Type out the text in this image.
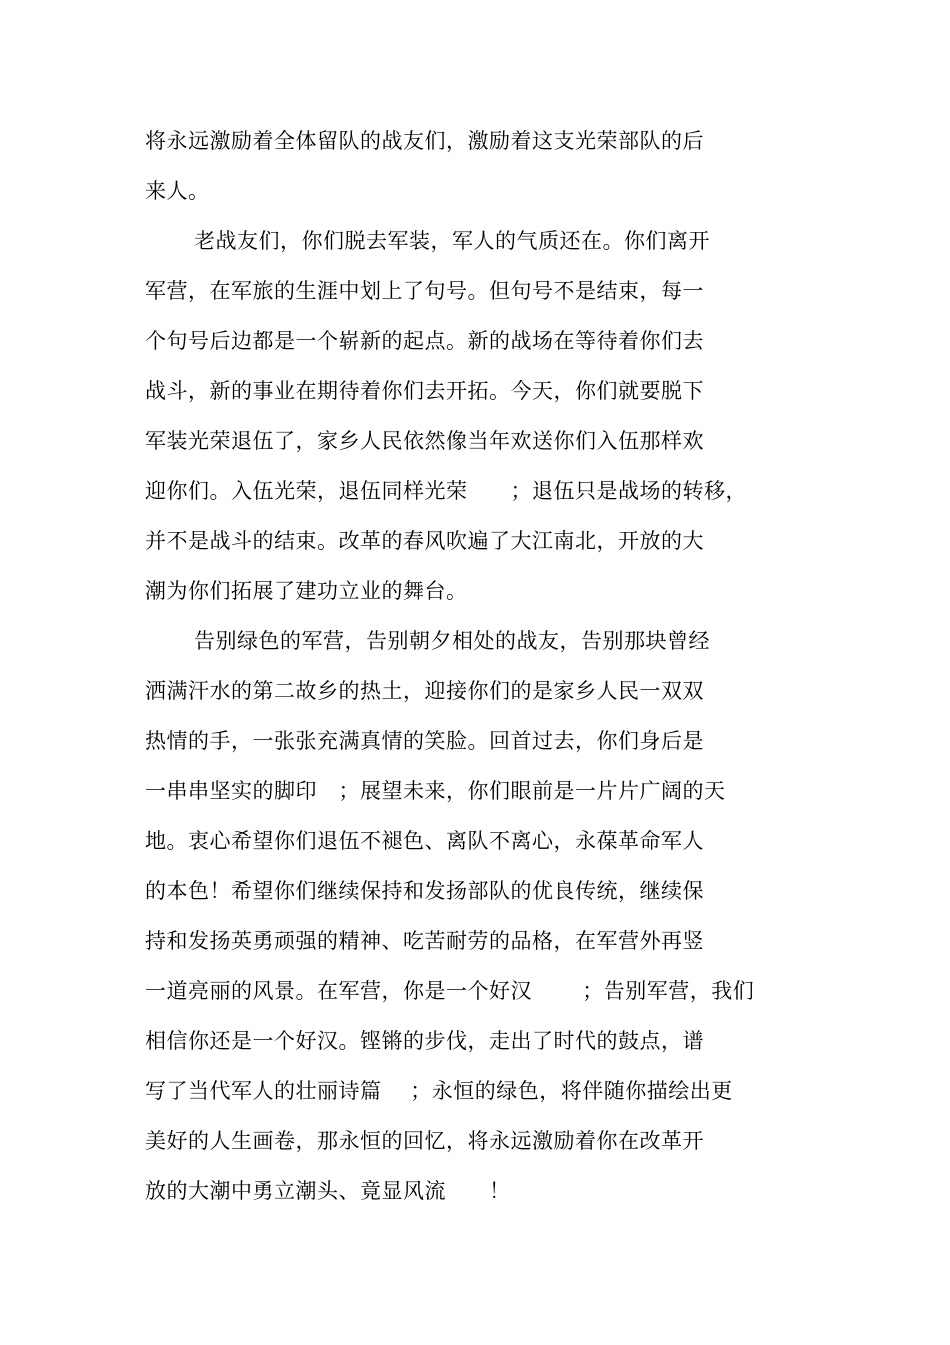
将永远激励着全体留队的战友们，激励着这支光荣部队的后
来人。
老战友们，你们脱去军装，军人的气质还在。你们离开
军营，在军旅的生涯中划上了句号。但句号不是结束，每一
个句号后边都是一个崭新的起点。新的战场在等待着你们去
战斗，新的事业在期待着你们去开拓。今天，你们就要脱下
军装光荣退伍了，家乡人民依然像当年欢送你们入伍那样欢
迎你们。入伍光荣，退伍同样光荣      ；退伍只是战场的转移，
并不是战斗的结束。改革的春风吹遍了大江南北，开放的大
潮为你们拓展了建功立业的舞台。
告别绿色的军营，告别朝夕相处的战友，告别那块曾经
洒满汗水的第二故乡的热土，迎接你们的是家乡人民一双双
热情的手，一张张充满真情的笑脸。回首过去，你们身后是
一串串坚实的脚印   ；展望未来，你们眼前是一片片广阔的天
地。衷心希望你们退伍不褪色、离队不离心，永葆革命军人
的本色！希望你们继续保持和发扬部队的优良传统，继续保
持和发扬英勇顽强的精神、吃苦耐劳的品格，在军营外再竖
一道亮丽的风景。在军营，你是一个好汉       ；告别军营，我们
相信你还是一个好汉。铿锵的步伐，走出了时代的鼓点，谱
写了当代军人的壮丽诗篇    ；永恒的绿色，将伴随你描绘出更
美好的人生画卷，那永恒的回忆，将永远激励着你在改革开
放的大潮中勇立潮头、竟显风流      ！
